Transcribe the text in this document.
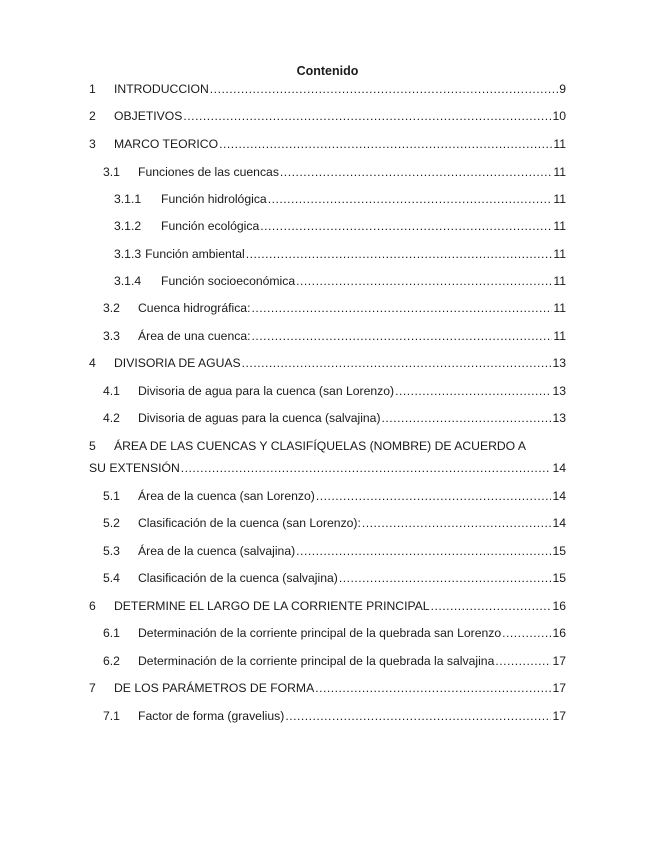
Contenido
1	INTRODUCCION .....	9
2	OBJETIVOS .....	10
3	MARCO TEORICO .....	11
3.1	Funciones de las cuencas .....	11
3.1.1	Función hidrológica .....	11
3.1.2	Función ecológica .....	11
3.1.3 Función ambiental .....	11
3.1.4	Función socioeconómica .....	11
3.2	Cuenca hidrográfica: .....	11
3.3	Área de una cuenca: .....	11
4	DIVISORIA DE AGUAS .....	13
4.1	Divisoria de agua para la cuenca (san Lorenzo) .....	13
4.2	Divisoria de aguas para la cuenca (salvajina) .....	13
5 ÁREA DE LAS CUENCAS Y CLASIFÍQUELAS (NOMBRE) DE ACUERDO A
SU EXTENSIÓN .....	14
5.1	Área de la cuenca (san Lorenzo) .....	14
5.2	Clasificación de la cuenca (san Lorenzo): .....	14
5.3	Área de la cuenca (salvajina) .....	15
5.4	Clasificación de la cuenca (salvajina) .....	15
6	DETERMINE EL LARGO DE LA CORRIENTE PRINCIPAL .....	16
6.1	Determinación de la corriente principal de la quebrada san Lorenzo .....	16
6.2	Determinación de la corriente principal de la quebrada la salvajina .....	17
7	DE LOS PARÁMETROS DE FORMA .....	17
7.1	Factor de forma (gravelius) .....	17
